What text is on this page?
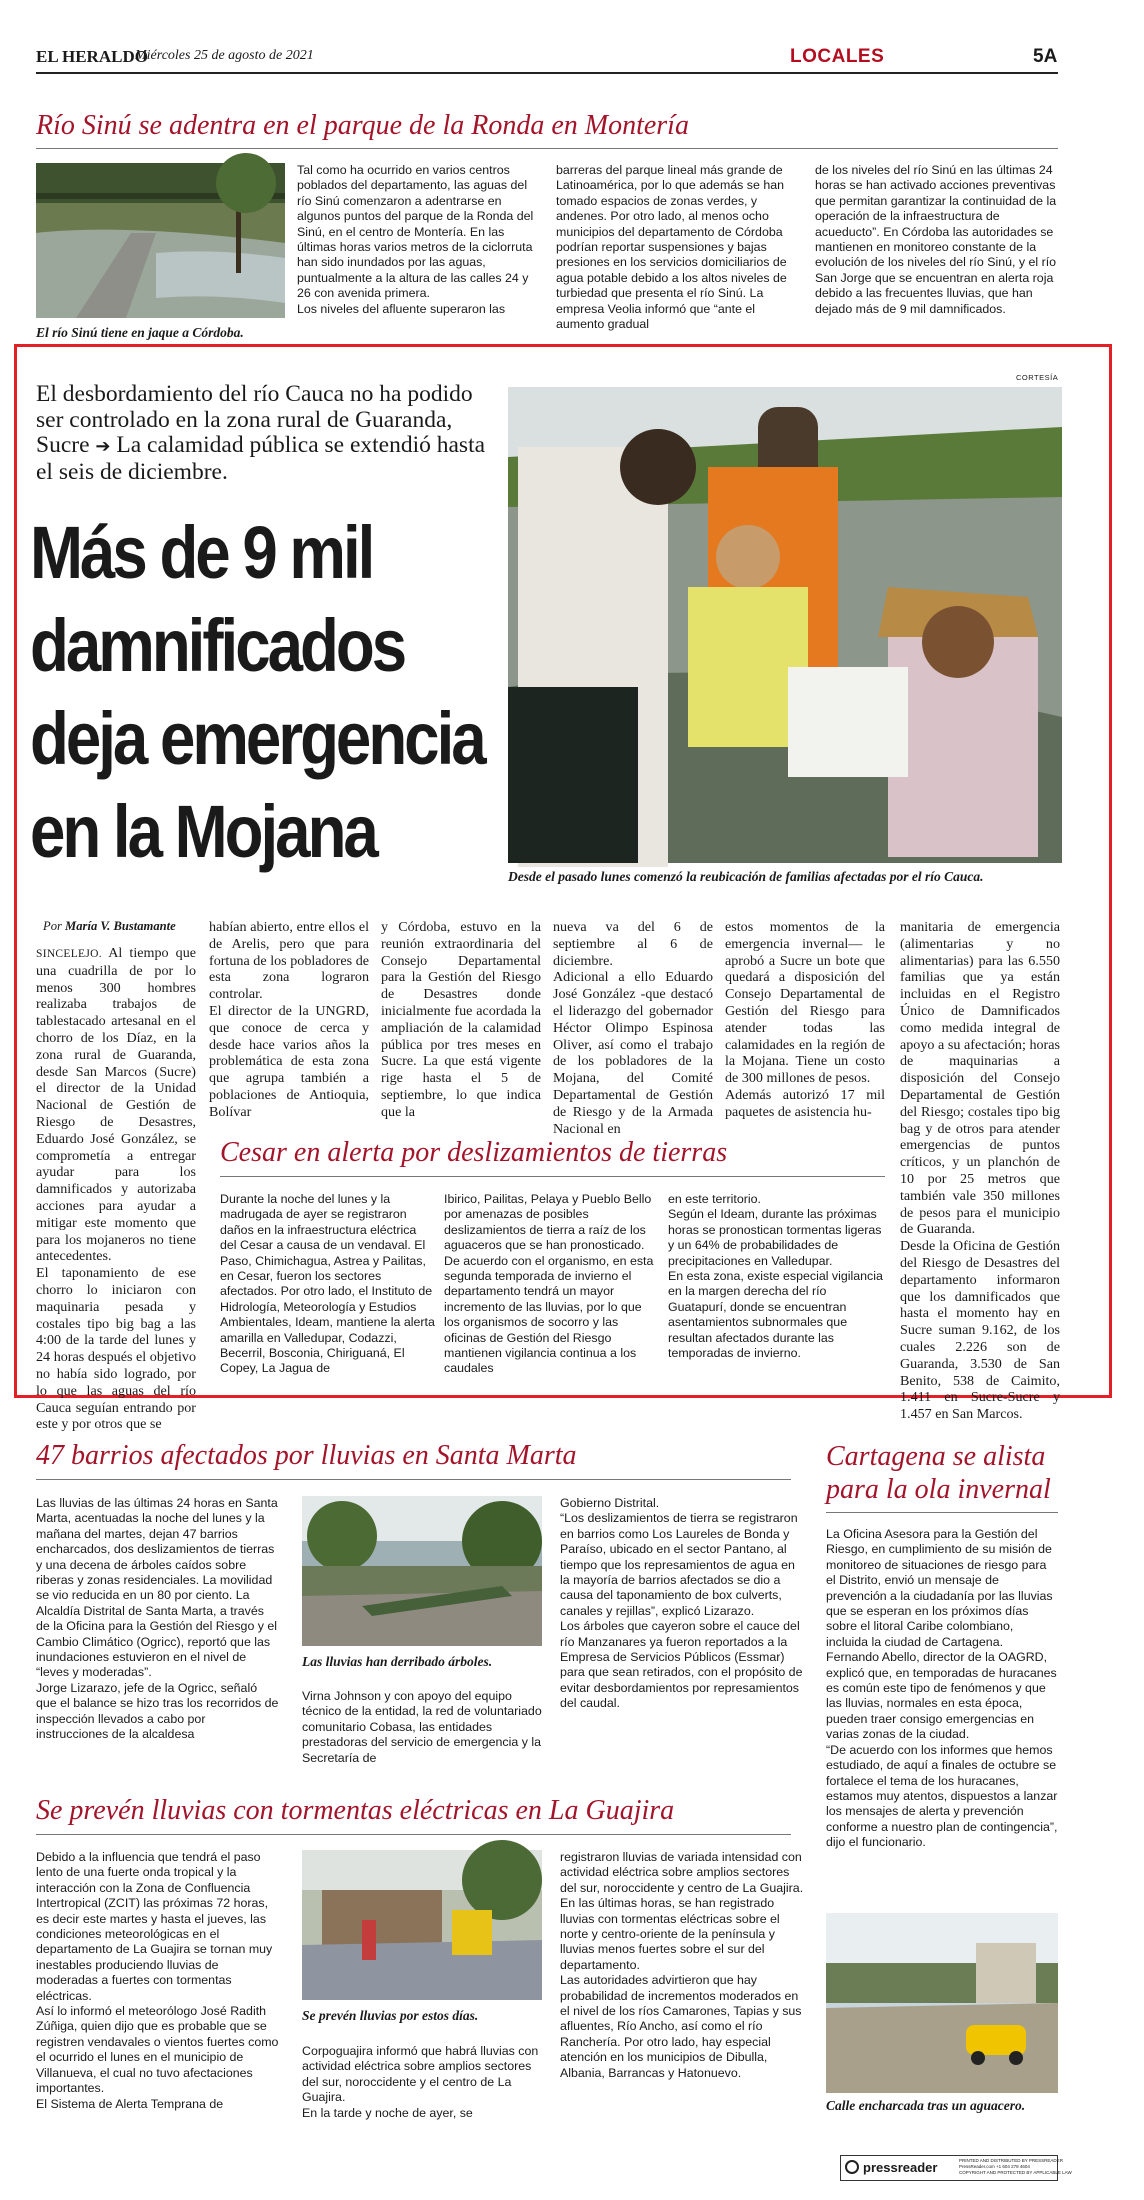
EL HERALDO
Miércoles 25 de agosto de 2021	LOCALES	5A
Río Sinú se adentra en el parque de la Ronda en Montería
El río Sinú tiene en jaque a Córdoba.
Tal como ha ocurrido en varios centros poblados del departamento, las aguas del río Sinú comenzaron a adentrarse en algunos puntos del parque de la Ronda del Sinú, en el centro de Montería. En las últimas horas varios metros de la ciclorruta han sido inundados por las aguas, puntualmente a la altura de las calles 24 y 26 con avenida primera.
Los niveles del afluente superaron las
barreras del parque lineal más grande de Latinoamérica, por lo que además se han tomado espacios de zonas verdes, y andenes. Por otro lado, al menos ocho municipios del departamento de Córdoba podrían reportar suspensiones y bajas presiones en los servicios domiciliarios de agua potable debido a los altos niveles de turbiedad que presenta el río Sinú. La empresa Veolia informó que “ante el aumento gradual
de los niveles del río Sinú en las últimas 24 horas se han activado acciones preventivas que permitan garantizar la continuidad de la operación de la infraestructura de acueducto”. En Córdoba las autoridades se mantienen en monitoreo constante de la evolución de los niveles del río Sinú, y el río San Jorge que se encuentran en alerta roja debido a las frecuentes lluvias, que han dejado más de 9 mil damnificados.
El desbordamiento del río Cauca no ha podido ser controlado en la zona rural de Guaranda, Sucre ➔ La calamidad pública se extendió hasta el seis de diciembre.
Más de 9 mil damnificados deja emergencia en la Mojana
CORTESÍA
Desde el pasado lunes comenzó la reubicación de familias afectadas por el río Cauca.
Por María V. Bustamante
SINCELEJO. Al tiempo que una cuadrilla de por lo menos 300 hombres realizaba trabajos de tablestacado artesanal en el chorro de los Díaz, en la zona rural de Guaranda, desde San Marcos (Sucre) el director de la Unidad Nacional de Gestión de Riesgo de Desastres, Eduardo José González, se comprometía a entregar ayudar para los damnificados y autorizaba acciones para ayudar a mitigar este momento que para los mojaneros no tiene antecedentes.
El taponamiento de ese chorro lo iniciaron con maquinaria pesada y costales tipo big bag a las 4:00 de la tarde del lunes y 24 horas después el objetivo no había sido logrado, por lo que las aguas del río Cauca seguían entrando por este y por otros que se
habían abierto, entre ellos el de Arelis, pero que para fortuna de los pobladores de esta zona lograron controlar.
El director de la UNGRD, que conoce de cerca y desde hace varios años la problemática de esta zona que agrupa también a poblaciones de Antioquia, Bolívar
y Córdoba, estuvo en la reunión extraordinaria del Consejo Departamental para la Gestión del Riesgo de Desastres donde inicialmente fue acordada la ampliación de la calamidad pública por tres meses en Sucre. La que está vigente rige hasta el 5 de septiembre, lo que indica que la
nueva va del 6 de septiembre al 6 de diciembre.
Adicional a ello Eduardo José González -que destacó el liderazgo del gobernador Héctor Olimpo Espinosa Oliver, así como el trabajo de los pobladores de la Mojana, del Comité Departamental de Gestión de Riesgo y de la Armada Nacional en
estos momentos de la emergencia invernal— le aprobó a Sucre un bote que quedará a disposición del Consejo Departamental de Gestión del Riesgo para atender todas las calamidades en la región de la Mojana. Tiene un costo de 300 millones de pesos.
Además autorizó 17 mil paquetes de asistencia hu-
manitaria de emergencia (alimentarias y no alimentarias) para las 6.550 familias que ya están incluidas en el Registro Único de Damnificados como medida integral de apoyo a su afectación; horas de maquinarias a disposición del Consejo Departamental de Gestión del Riesgo; costales tipo big bag y de otros para atender emergencias de puntos críticos, y un planchón de 10 por 25 metros que también vale 350 millones de pesos para el municipio de Guaranda.
Desde la Oficina de Gestión del Riesgo de Desastres del departamento informaron que los damnificados que hasta el momento hay en Sucre suman 9.162, de los cuales 2.226 son de Guaranda, 3.530 de San Benito, 538 de Caimito, 1.411 en Sucre-Sucre y 1.457 en San Marcos.
Cesar en alerta por deslizamientos de tierras
Durante la noche del lunes y la madrugada de ayer se registraron daños en la infraestructura eléctrica del Cesar a causa de un vendaval. El Paso, Chimichagua, Astrea y Pailitas, en Cesar, fueron los sectores afectados. Por otro lado, el Instituto de Hidrología, Meteorología y Estudios Ambientales, Ideam, mantiene la alerta amarilla en Valledupar, Codazzi, Becerril, Bosconia, Chiriguaná, El Copey, La Jagua de
Ibirico, Pailitas, Pelaya y Pueblo Bello por amenazas de posibles deslizamientos de tierra a raíz de los aguaceros que se han pronosticado.
De acuerdo con el organismo, en esta segunda temporada de invierno el departamento tendrá un mayor incremento de las lluvias, por lo que los organismos de socorro y las oficinas de Gestión del Riesgo mantienen vigilancia continua a los caudales
en este territorio.
Según el Ideam, durante las próximas horas se pronostican tormentas ligeras y un 64% de probabilidades de precipitaciones en Valledupar.
En esta zona, existe especial vigilancia en la margen derecha del río Guatapurí, donde se encuentran asentamientos subnormales que resultan afectados durante las temporadas de invierno.
47 barrios afectados por lluvias en Santa Marta
Las lluvias de las últimas 24 horas en Santa Marta, acentuadas la noche del lunes y la mañana del martes, dejan 47 barrios encharcados, dos deslizamientos de tierras y una decena de árboles caídos sobre riberas y zonas residenciales. La movilidad se vio reducida en un 80 por ciento. La Alcaldía Distrital de Santa Marta, a través de la Oficina para la Gestión del Riesgo y el Cambio Climático (Ogricc), reportó que las inundaciones estuvieron en el nivel de “leves y moderadas”.
Jorge Lizarazo, jefe de la Ogricc, señaló que el balance se hizo tras los recorridos de inspección llevados a cabo por instrucciones de la alcaldesa
Las lluvias han derribado árboles.
Virna Johnson y con apoyo del equipo técnico de la entidad, la red de voluntariado comunitario Cobasa, las entidades prestadoras del servicio de emergencia y la Secretaría de
Gobierno Distrital.
“Los deslizamientos de tierra se registraron en barrios como Los Laureles de Bonda y Paraíso, ubicado en el sector Pantano, al tiempo que los represamientos de agua en la mayoría de barrios afectados se dio a causa del taponamiento de box culverts, canales y rejillas”, explicó Lizarazo.
Los árboles que cayeron sobre el cauce del río Manzanares ya fueron reportados a la Empresa de Servicios Públicos (Essmar) para que sean retirados, con el propósito de evitar desbordamientos por represamientos del caudal.
Cartagena se alista
para la ola invernal
La Oficina Asesora para la Gestión del Riesgo, en cumplimiento de su misión de monitoreo de situaciones de riesgo para el Distrito, envió un mensaje de prevención a la ciudadanía por las lluvias que se esperan en los próximos días sobre el litoral Caribe colombiano, incluida la ciudad de Cartagena. Fernando Abello, director de la OAGRD, explicó que, en temporadas de huracanes es común este tipo de fenómenos y que las lluvias, normales en esta época, pueden traer consigo emergencias en varias zonas de la ciudad.
“De acuerdo con los informes que hemos estudiado, de aquí a finales de octubre se fortalece el tema de los huracanes, estamos muy atentos, dispuestos a lanzar los mensajes de alerta y prevención conforme a nuestro plan de contingencia”, dijo el funcionario.
Calle encharcada tras un aguacero.
Se prevén lluvias con tormentas eléctricas en La Guajira
Debido a la influencia que tendrá el paso lento de una fuerte onda tropical y la interacción con la Zona de Confluencia Intertropical (ZCIT) las próximas 72 horas, es decir este martes y hasta el jueves, las condiciones meteorológicas en el departamento de La Guajira se tornan muy inestables produciendo lluvias de moderadas a fuertes con tormentas eléctricas.
Así lo informó el meteorólogo José Radith Zúñiga, quien dijo que es probable que se registren vendavales o vientos fuertes como el ocurrido el lunes en el municipio de Villanueva, el cual no tuvo afectaciones importantes.
El Sistema de Alerta Temprana de
Se prevén lluvias por estos días.
Corpoguajira informó que habrá lluvias con actividad eléctrica sobre amplios sectores del sur, noroccidente y el centro de La Guajira.
En la tarde y noche de ayer, se
registraron lluvias de variada intensidad con actividad eléctrica sobre amplios sectores del sur, noroccidente y centro de La Guajira.
En las últimas horas, se han registrado lluvias con tormentas eléctricas sobre el norte y centro-oriente de la península y lluvias menos fuertes sobre el sur del departamento.
Las autoridades advirtieron que hay probabilidad de incrementos moderados en el nivel de los ríos Camarones, Tapias y sus afluentes, Río Ancho, así como el río Ranchería. Por otro lado, hay especial atención en los municipios de Dibulla, Albania, Barrancas y Hatonuevo.
pressreader	PRINTED AND DISTRIBUTED BY PRESSREADER
PressReader.com +1 604 278 4604
COPYRIGHT AND PROTECTED BY APPLICABLE LAW
